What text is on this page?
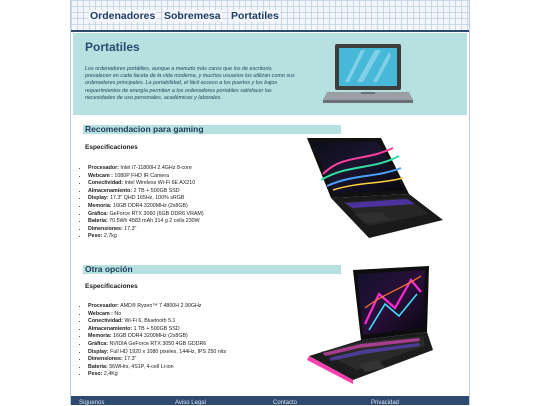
Ordenadores Sobremesa Portatiles
Portatiles
Los ordenadores portátiles, aunque a menudo más caros que los de escritorio, prevalecen en cada faceta de la vida moderna, y muchos usuarios los utilizan como sus ordenadores principales. La portabilidad, el fácil acceso a los puertos y los bajos requerimientos de energía permiten a los ordenadores portables satisfacer las necesidades de uso personales, académicas y laborales.
Recomendacion para gaming
Especificaciones
• Procesador: Intel i7-11800H 2.4GHz 8-core
• Webcam : 1080P FHD IR Camera
• Conectividad: Intel Wireless Wi-Fi 6E AX210
• Almacenamiento: 2 TB + 500GB SSD
• Display: 17.3" QHD 165Hz, 100% sRGB
• Memoria: 16GB DDR4 3200MHz (2x8GB)
• Gráfica: GeForce RTX 3060 (6GB DDR6 VRAM)
• Batería: 70.5Wh 4583 mAh 314 g 2 cells 230W
• Dimensiones: 17.3"
• Peso: 2,7kg
Otra opción
Especificaciones
• Procesador: AMD® Ryzen™ 7 4800H 2.90GHz
• Webcam : No
• Conectividad: Wi-Fi 6, Bluetooth 5.1
• Almacenamiento: 1 TB + 500GB SSD
• Memoria: 16GB DDR4 3200MHz (2x8GB)
• Gráfica: NVIDIA GeForce RTX 3050 4GB GDDR6
• Display: Full HD 1920 x 1080 pixeles, 144Hz, IPS 250 nits
• Dimensiones: 17.3"
• Batería: 56WHrs, 4S1P, 4-cell Li-ion
• Peso: 2,4Kg
Síguenos	Aviso Legal	Contacto	Privacidad
